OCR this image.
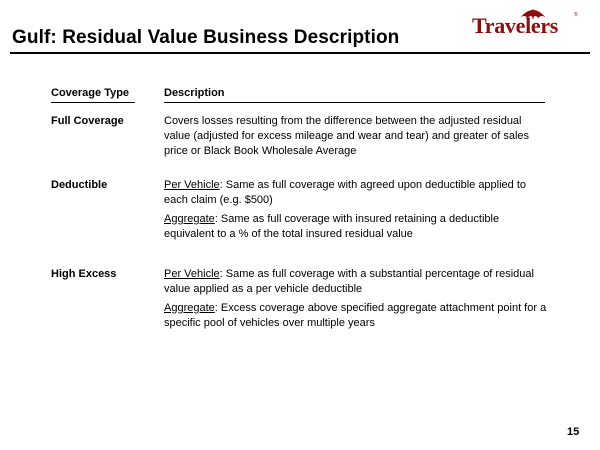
Gulf: Residual Value Business Description	Travelers	®
Coverage Type	Description
Full Coverage	Covers losses resulting from the difference between the adjusted residual value (adjusted for excess mileage and wear and tear) and greater of sales price or Black Book Wholesale Average
Deductible	Per Vehicle: Same as full coverage with agreed upon deductible applied to each claim (e.g. $500)
Aggregate: Same as full coverage with insured retaining a deductible equivalent to a % of the total insured residual value
High Excess	Per Vehicle: Same as full coverage with a substantial percentage of residual value applied as a per vehicle deductible
Aggregate: Excess coverage above specified aggregate attachment point for a specific pool of vehicles over multiple years
15
